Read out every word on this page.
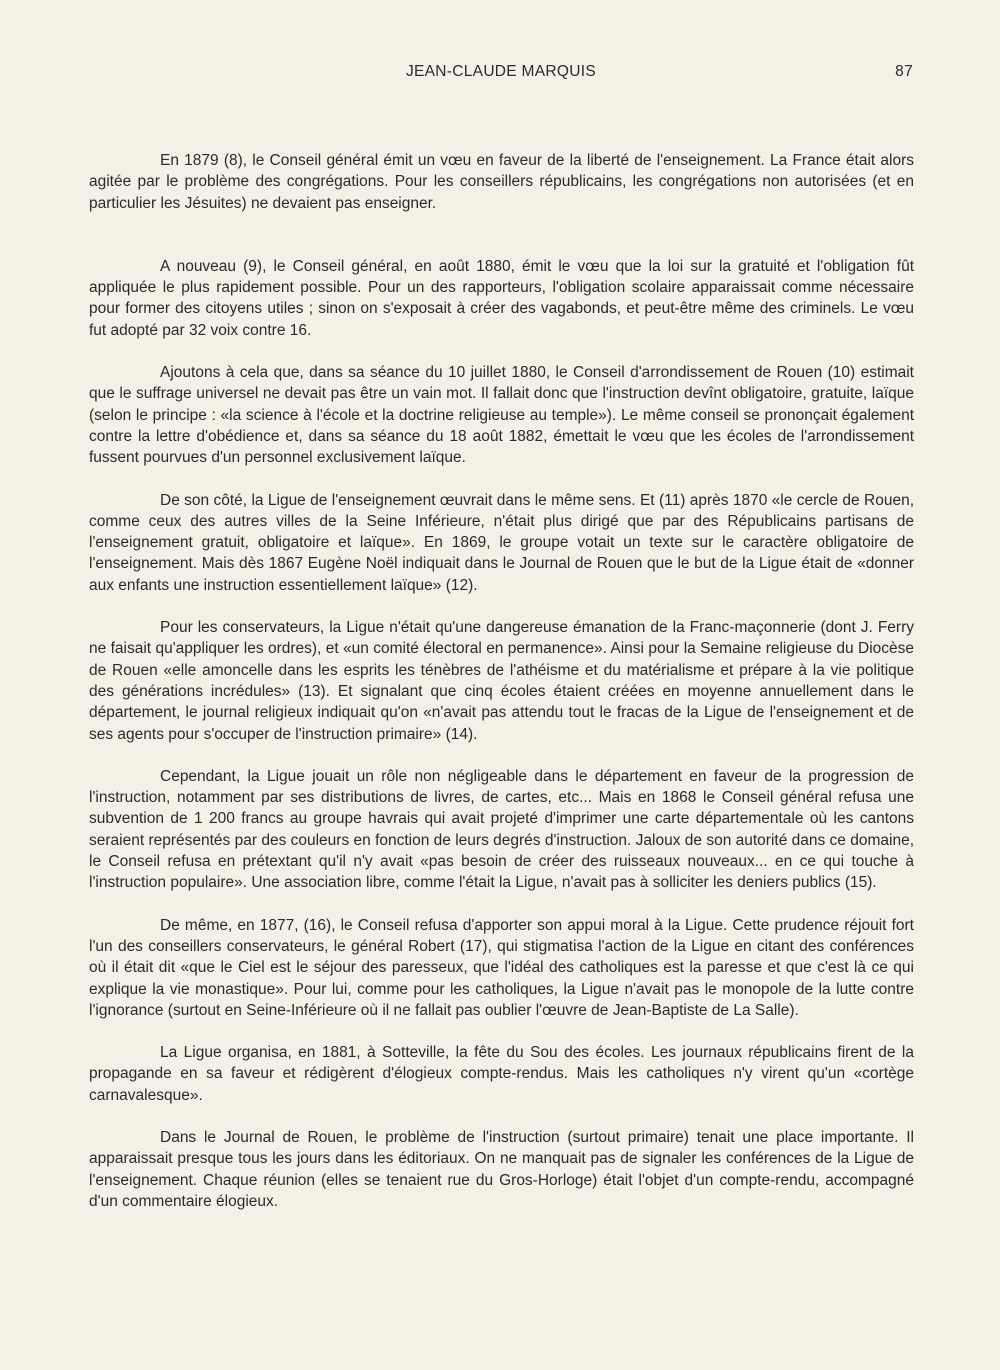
JEAN-CLAUDE MARQUIS	87

En 1879 (8), le Conseil général émit un vœu en faveur de la liberté de l'enseignement. La France était alors agitée par le problème des congrégations. Pour les conseillers républicains, les congrégations non autorisées (et en particulier les Jésuites) ne devaient pas enseigner.

A nouveau (9), le Conseil général, en août 1880, émit le vœu que la loi sur la gratuité et l'obligation fût appliquée le plus rapidement possible. Pour un des rapporteurs, l'obligation scolaire apparaissait comme nécessaire pour former des citoyens utiles ; sinon on s'exposait à créer des vagabonds, et peut-être même des criminels. Le vœu fut adopté par 32 voix contre 16.

Ajoutons à cela que, dans sa séance du 10 juillet 1880, le Conseil d'arrondissement de Rouen (10) estimait que le suffrage universel ne devait pas être un vain mot. Il fallait donc que l'instruction devînt obligatoire, gratuite, laïque (selon le principe : «la science à l'école et la doctrine religieuse au temple»). Le même conseil se prononçait également contre la lettre d'obédience et, dans sa séance du 18 août 1882, émettait le vœu que les écoles de l'arrondissement fussent pourvues d'un personnel exclusivement laïque.

De son côté, la Ligue de l'enseignement œuvrait dans le même sens. Et (11) après 1870 «le cercle de Rouen, comme ceux des autres villes de la Seine Inférieure, n'était plus dirigé que par des Républicains partisans de l'enseignement gratuit, obligatoire et laïque». En 1869, le groupe votait un texte sur le caractère obligatoire de l'enseignement. Mais dès 1867 Eugène Noël indiquait dans le Journal de Rouen que le but de la Ligue était de «donner aux enfants une instruction essentiellement laïque» (12).

Pour les conservateurs, la Ligue n'était qu'une dangereuse émanation de la Franc-maçonnerie (dont J. Ferry ne faisait qu'appliquer les ordres), et «un comité électoral en permanence». Ainsi pour la Semaine religieuse du Diocèse de Rouen «elle amoncelle dans les esprits les ténèbres de l'athéisme et du matérialisme et prépare à la vie politique des générations incrédules» (13). Et signalant que cinq écoles étaient créées en moyenne annuellement dans le département, le journal religieux indiquait qu'on «n'avait pas attendu tout le fracas de la Ligue de l'enseignement et de ses agents pour s'occuper de l'instruction primaire» (14).

Cependant, la Ligue jouait un rôle non négligeable dans le département en faveur de la progression de l'instruction, notamment par ses distributions de livres, de cartes, etc... Mais en 1868 le Conseil général refusa une subvention de 1 200 francs au groupe havrais qui avait projeté d'imprimer une carte départementale où les cantons seraient représentés par des couleurs en fonction de leurs degrés d'instruction. Jaloux de son autorité dans ce domaine, le Conseil refusa en prétextant qu'il n'y avait «pas besoin de créer des ruisseaux nouveaux... en ce qui touche à l'instruction populaire». Une association libre, comme l'était la Ligue, n'avait pas à solliciter les deniers publics (15).

De même, en 1877, (16), le Conseil refusa d'apporter son appui moral à la Ligue. Cette prudence réjouit fort l'un des conseillers conservateurs, le général Robert (17), qui stigmatisa l'action de la Ligue en citant des conférences où il était dit «que le Ciel est le séjour des paresseux, que l'idéal des catholiques est la paresse et que c'est là ce qui explique la vie monastique». Pour lui, comme pour les catholiques, la Ligue n'avait pas le monopole de la lutte contre l'ignorance (surtout en Seine-Inférieure où il ne fallait pas oublier l'œuvre de Jean-Baptiste de La Salle).

La Ligue organisa, en 1881, à Sotteville, la fête du Sou des écoles. Les journaux républicains firent de la propagande en sa faveur et rédigèrent d'élogieux compte-rendus. Mais les catholiques n'y virent qu'un «cortège carnavalesque».

Dans le Journal de Rouen, le problème de l'instruction (surtout primaire) tenait une place importante. Il apparaissait presque tous les jours dans les éditoriaux. On ne manquait pas de signaler les conférences de la Ligue de l'enseignement. Chaque réunion (elles se tenaient rue du Gros-Horloge) était l'objet d'un compte-rendu, accompagné d'un commentaire élogieux.
